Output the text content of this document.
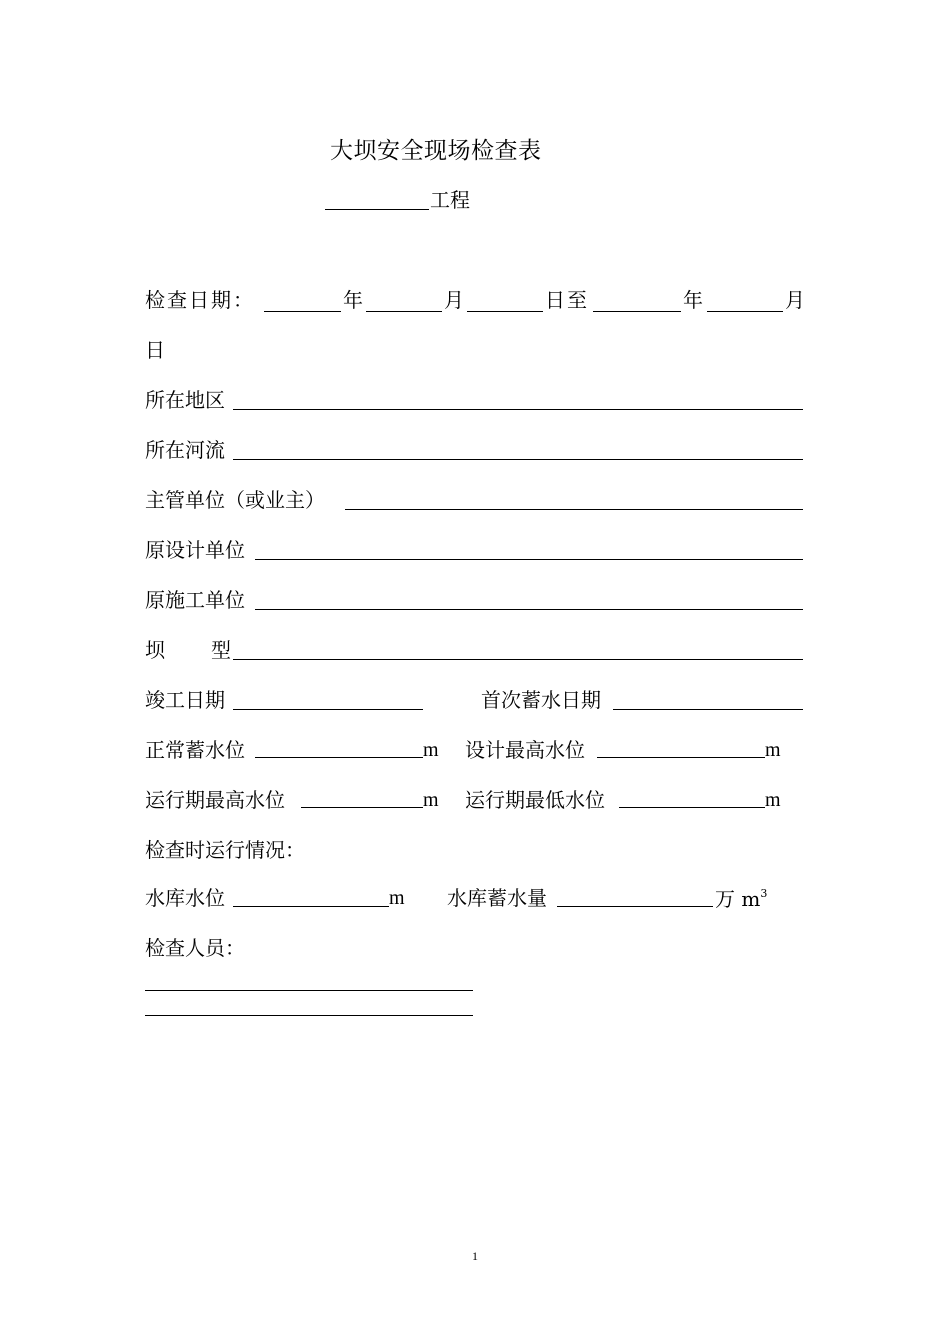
大坝安全现场检查表
工程
检查日期：	年	月	日至	年	月
日
所在地区
所在河流
主管单位（或业主）
原设计单位
原施工单位
坝 型
竣工日期	首次蓄水日期
正常蓄水位	m 设计最高水位	m
运行期最高水位	m 运行期最低水位	m
检查时运行情况：
水库水位	m 水库蓄水量	万 $m^3$
检查人员：
1
